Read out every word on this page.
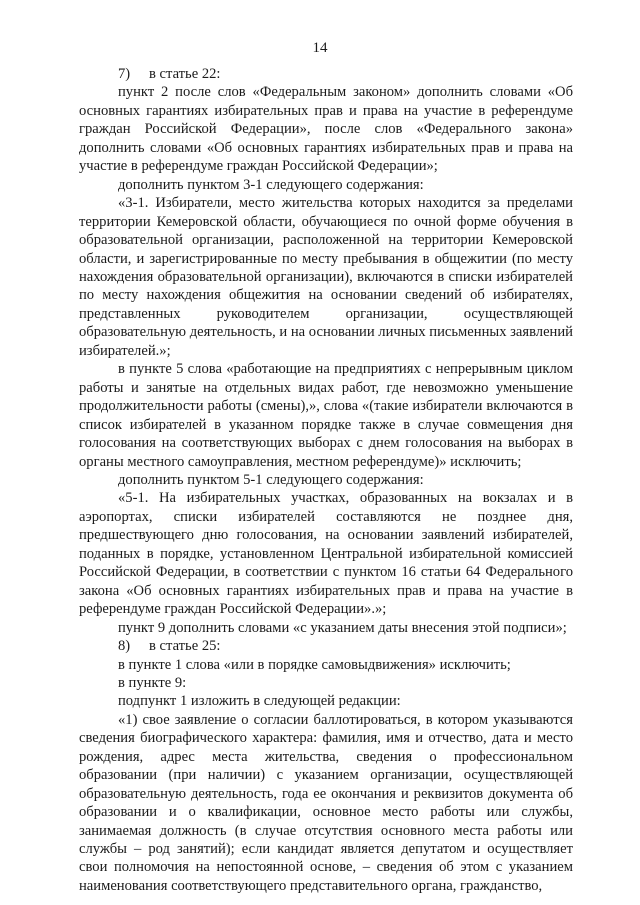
14

7) в статье 22:

пункт 2 после слов «Федеральным законом» дополнить словами «Об основных гарантиях избирательных прав и права на участие в референдуме граждан Российской Федерации», после слов «Федерального закона» дополнить словами «Об основных гарантиях избирательных прав и права на участие в референдуме граждан Российской Федерации»;

дополнить пунктом 3-1 следующего содержания:

«3-1. Избиратели, место жительства которых находится за пределами территории Кемеровской области, обучающиеся по очной форме обучения в образовательной организации, расположенной на территории Кемеровской области, и зарегистрированные по месту пребывания в общежитии (по месту нахождения образовательной организации), включаются в списки избирателей по месту нахождения общежития на основании сведений об избирателях, представленных руководителем организации, осуществляющей образовательную деятельность, и на основании личных письменных заявлений избирателей.»;

в пункте 5 слова «работающие на предприятиях с непрерывным циклом работы и занятые на отдельных видах работ, где невозможно уменьшение продолжительности работы (смены),», слова «(такие избиратели включаются в список избирателей в указанном порядке также в случае совмещения дня голосования на соответствующих выборах с днем голосования на выборах в органы местного самоуправления, местном референдуме)» исключить;

дополнить пунктом 5-1 следующего содержания:

«5-1. На избирательных участках, образованных на вокзалах и в аэропортах, списки избирателей составляются не позднее дня, предшествующего дню голосования, на основании заявлений избирателей, поданных в порядке, установленном Центральной избирательной комиссией Российской Федерации, в соответствии с пунктом 16 статьи 64 Федерального закона «Об основных гарантиях избирательных прав и права на участие в референдуме граждан Российской Федерации».»;

пункт 9 дополнить словами «с указанием даты внесения этой подписи»;

8) в статье 25:

в пункте 1 слова «или в порядке самовыдвижения» исключить;

в пункте 9:

подпункт 1 изложить в следующей редакции:

«1) свое заявление о согласии баллотироваться, в котором указываются сведения биографического характера: фамилия, имя и отчество, дата и место рождения, адрес места жительства, сведения о профессиональном образовании (при наличии) с указанием организации, осуществляющей образовательную деятельность, года ее окончания и реквизитов документа об образовании и о квалификации, основное место работы или службы, занимаемая должность (в случае отсутствия основного места работы или службы – род занятий); если кандидат является депутатом и осуществляет свои полномочия на непостоянной основе, – сведения об этом с указанием наименования соответствующего представительного органа, гражданство,
